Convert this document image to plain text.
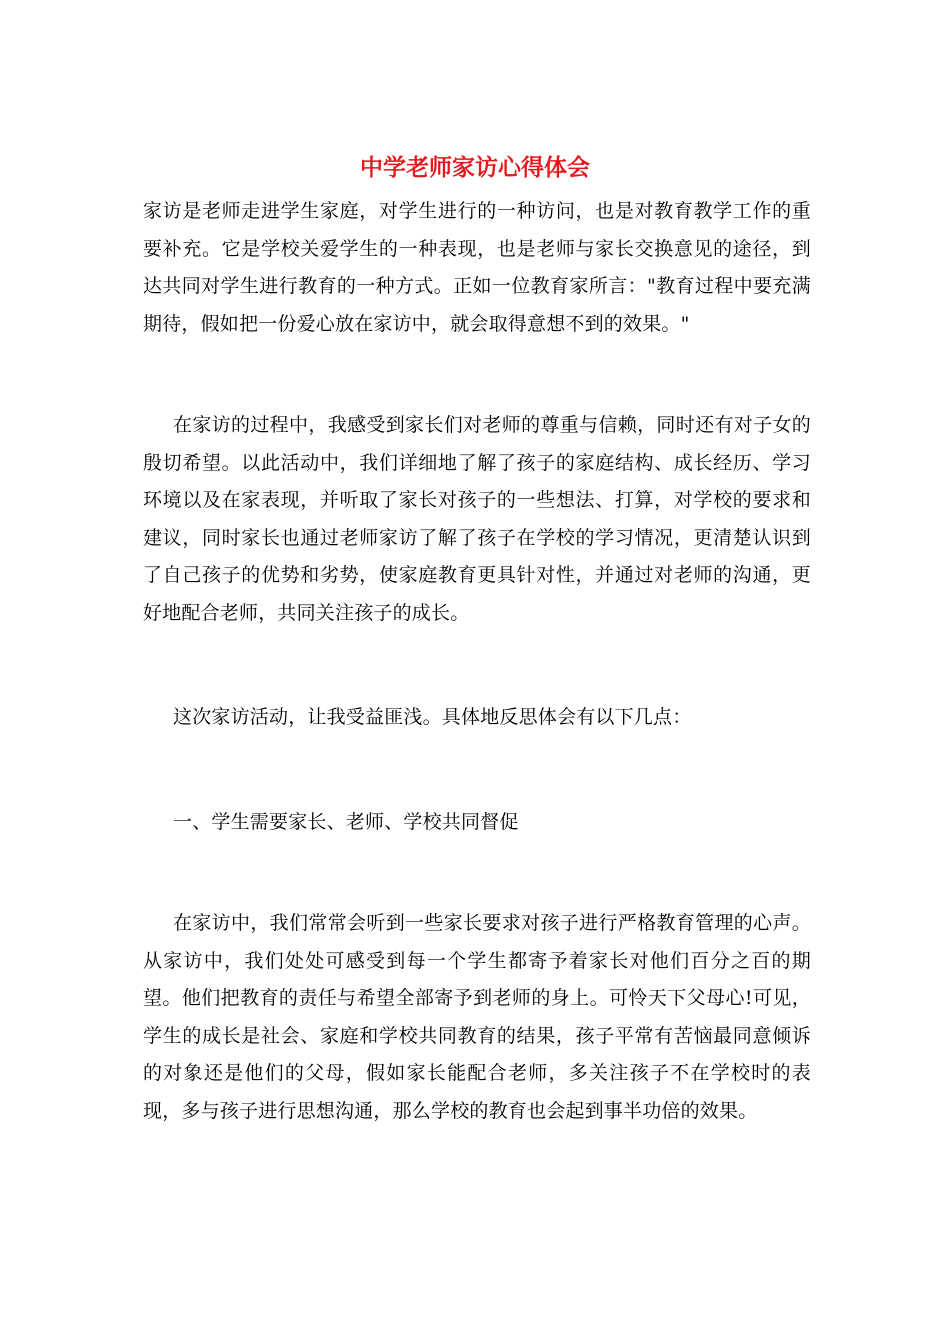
中学老师家访心得体会

家访是老师走进学生家庭，对学生进行的一种访问，也是对教育教学工作的重要补充。它是学校关爱学生的一种表现，也是老师与家长交换意见的途径，到达共同对学生进行教育的一种方式。正如一位教育家所言："教育过程中要充满期待，假如把一份爱心放在家访中，就会取得意想不到的效果。"

在家访的过程中，我感受到家长们对老师的尊重与信赖，同时还有对子女的殷切希望。以此活动中，我们详细地了解了孩子的家庭结构、成长经历、学习环境以及在家表现，并听取了家长对孩子的一些想法、打算，对学校的要求和建议，同时家长也通过老师家访了解了孩子在学校的学习情况，更清楚认识到了自己孩子的优势和劣势，使家庭教育更具针对性，并通过对老师的沟通，更好地配合老师，共同关注孩子的成长。

这次家访活动，让我受益匪浅。具体地反思体会有以下几点：

一、学生需要家长、老师、学校共同督促

在家访中，我们常常会听到一些家长要求对孩子进行严格教育管理的心声。从家访中，我们处处可感受到每一个学生都寄予着家长对他们百分之百的期望。他们把教育的责任与希望全部寄予到老师的身上。可怜天下父母心!可见，学生的成长是社会、家庭和学校共同教育的结果，孩子平常有苦恼最同意倾诉的对象还是他们的父母，假如家长能配合老师，多关注孩子不在学校时的表现，多与孩子进行思想沟通，那么学校的教育也会起到事半功倍的效果。
